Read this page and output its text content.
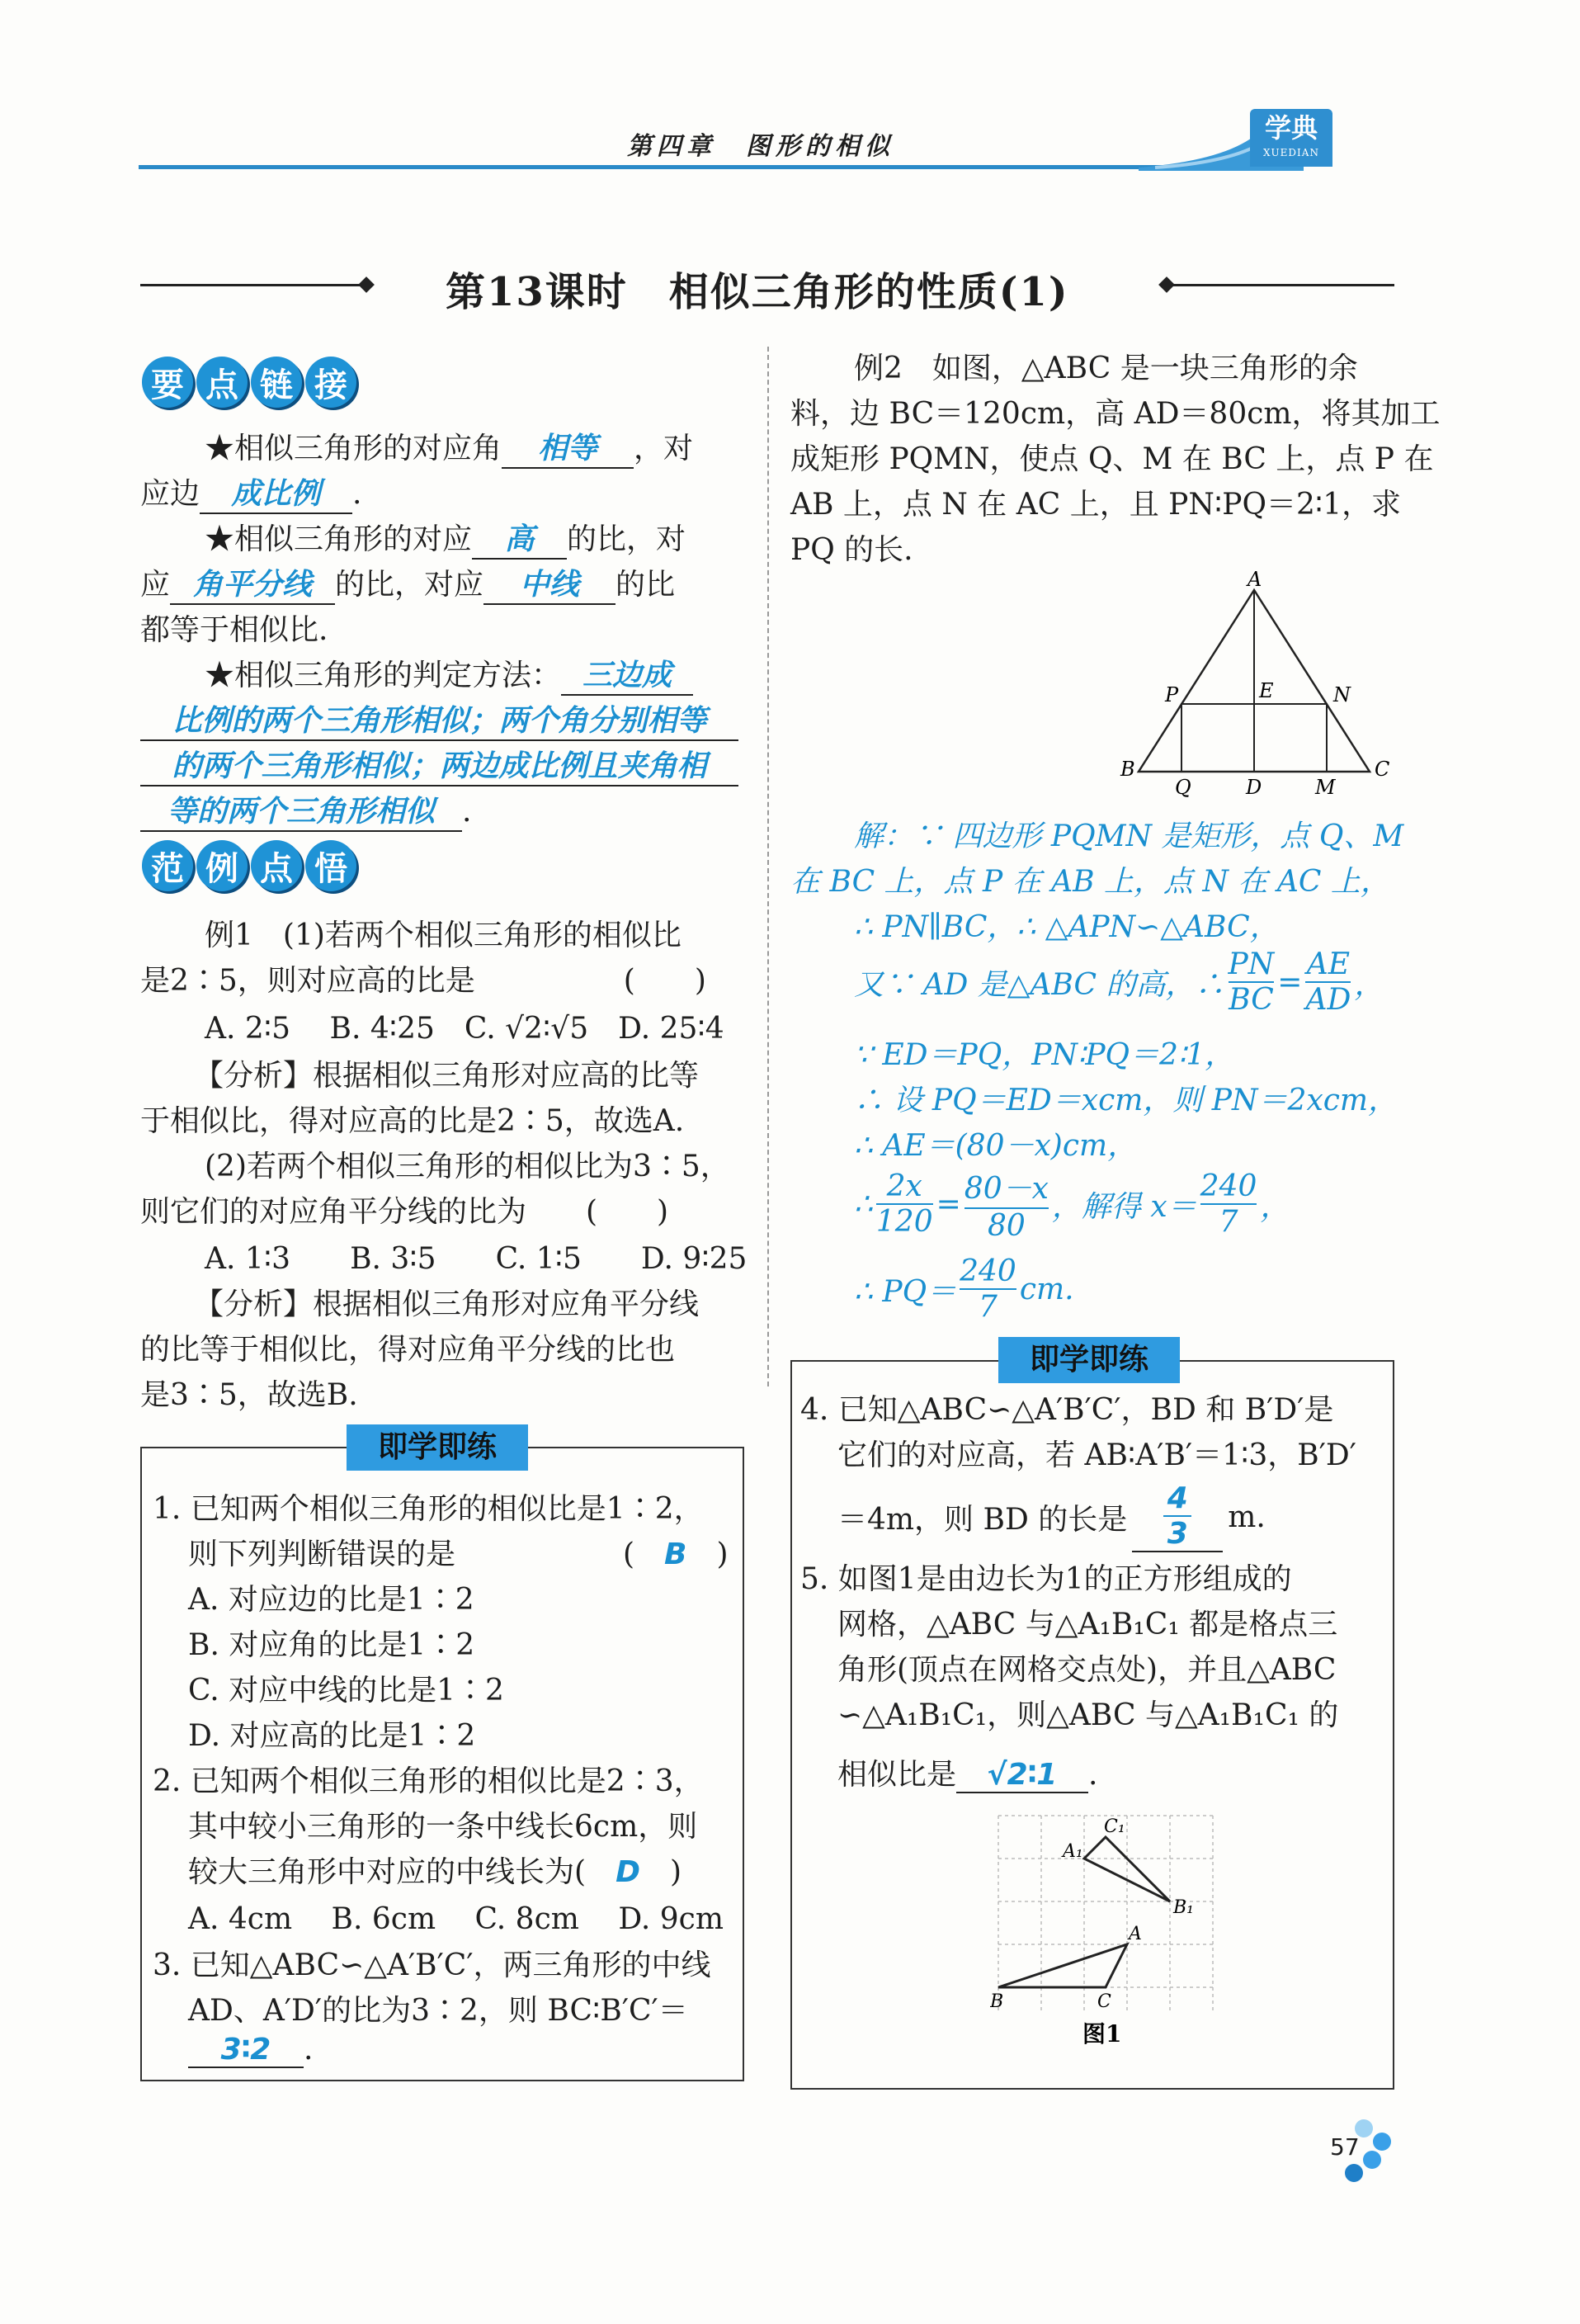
第四章　图形的相似
学典
XUEDIAN
第13课时　相似三角形的性质(1)
要 点 链 接
★相似三角形的对应角 相等 ，对
应边 成比例 .
★相似三角形的对应 高 的比，对
应 角平分线 的比，对应 中线 的比
都等于相似比.
★相似三角形的判定方法： 三边成
比例的两个三角形相似；两个角分别相等
的两个三角形相似；两边成比例且夹角相
等的两个三角形相似 .
范 例 点 悟
例1　(1)若两个相似三角形的相似比
是2∶5，则对应高的比是　　　　　(　　)
A. 2∶5　 B. 4∶25　C. √2∶√5　D. 25∶4
【分析】根据相似三角形对应高的比等
于相似比，得对应高的比是2∶5，故选A.
(2)若两个相似三角形的相似比为3∶5，
则它们的对应角平分线的比为　　(　　)
A. 1∶3　　B. 3∶5　　C. 1∶5　　D. 9∶25
【分析】根据相似三角形对应角平分线
的比等于相似比，得对应角平分线的比也
是3∶5，故选B.
即学即练
1. 已知两个相似三角形的相似比是1∶2，
则下列判断错误的是	(　B　)
A. 对应边的比是1∶2
B. 对应角的比是1∶2
C. 对应中线的比是1∶2
D. 对应高的比是1∶2
2. 已知两个相似三角形的相似比是2∶3，
其中较小三角形的一条中线长6cm，则
较大三角形中对应的中线长为(　D　)
A. 4cm　 B. 6cm　 C. 8cm　 D. 9cm
3. 已知△ABC∽△A′B′C′，两三角形的中线
AD、A′D′的比为3∶2，则 BC∶B′C′＝
3∶2 .
例2　如图，△ABC 是一块三角形的余
料，边 BC＝120cm，高 AD＝80cm，将其加工
成矩形 PQMN，使点 Q、M 在 BC 上，点 P 在
AB 上，点 N 在 AC 上，且 PN∶PQ＝2∶1，求
PQ 的长.
A
B	C
P	N
E
Q	D	M
解：∵ 四边形 PQMN 是矩形，点 Q、M
在 BC 上，点 P 在 AB 上，点 N 在 AC 上，
∴ PN∥BC，∴ △APN∽△ABC，
又∵ AD 是△ABC 的高，∴ $\frac{PN}{BC} = \frac{AE}{AD}$ ，
∵ ED＝PQ，PN∶PQ＝2∶1，
∴ 设 PQ＝ED＝xcm，则 PN＝2xcm，
∴ AE＝(80－x)cm，
∴ $\frac{2x}{120} = \frac{80-x}{80}$ ，解得 x＝
240
7 ，
∴ PQ＝
240
7
cm.
即学即练
4. 已知△ABC∽△A′B′C′，BD 和 B′D′是
它们的对应高，若 AB∶A′B′＝1∶3，B′D′
＝4m，则 BD 的长是
4
3	m.
5. 如图1是由边长为1的正方形组成的
网格，△ABC 与△A₁B₁C₁ 都是格点三
角形(顶点在网格交点处)，并且△ABC
∽△A₁B₁C₁，则△ABC 与△A₁B₁C₁ 的
相似比是 √2∶1 .
A₁
C₁
B₁
A
B	C
图1
57
